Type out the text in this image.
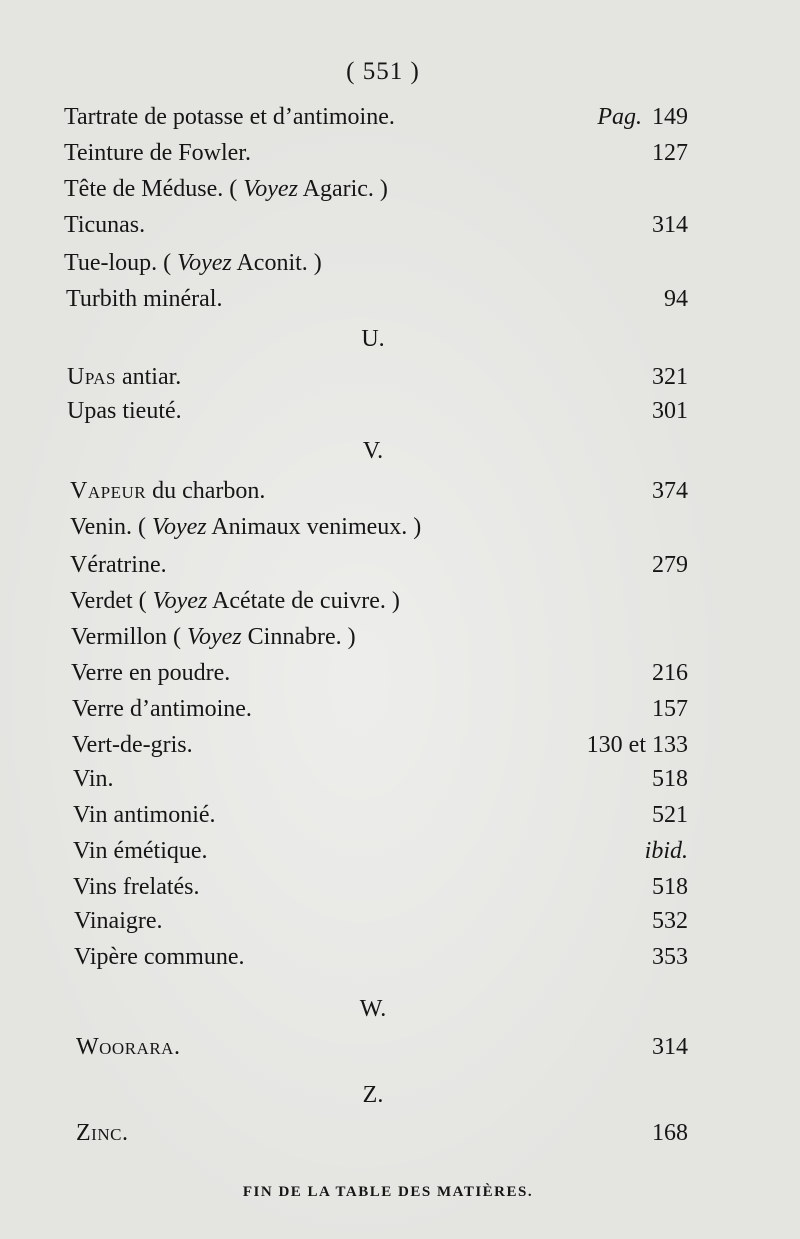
( 551 )
Tartrate de potasse et d’antimoine.	Pag. 149
Teinture de Fowler.	127
Tête de Méduse. ( Voyez Agaric. )
Ticunas.	314
Tue-loup. ( Voyez Aconit. )
Turbith minéral.	94
U.
Upas antiar.	321
Upas tieuté.	301
V.
Vapeur du charbon.	374
Venin. ( Voyez Animaux venimeux. )
Vératrine.	279
Verdet ( Voyez Acétate de cuivre. )
Vermillon ( Voyez Cinnabre. )
Verre en poudre.	216
Verre d’antimoine.	157
Vert-de-gris.	130 et 133
Vin.	518
Vin antimonié.	521
Vin émétique.	ibid.
Vins frelatés.	518
Vinaigre.	532
Vipère commune.	353
W.
Woorara.	314
Z.
Zinc.	168
FIN DE LA TABLE DES MATIÈRES.
